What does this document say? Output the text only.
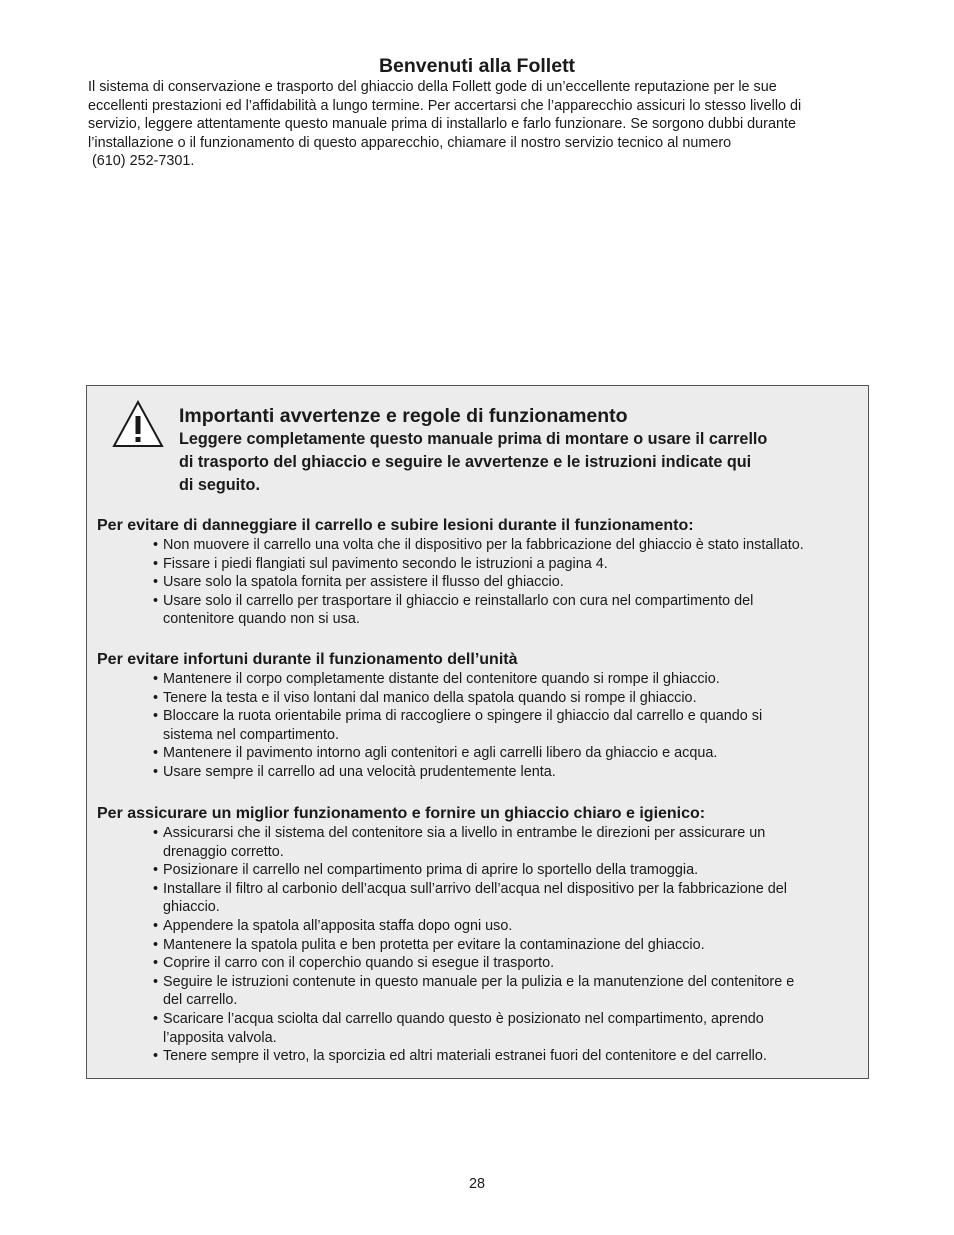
Benvenuti alla Follett
Il sistema di conservazione e trasporto del ghiaccio della Follett gode di un’eccellente reputazione per le sue
eccellenti prestazioni ed l’affidabilità a lungo termine. Per accertarsi che l’apparecchio assicuri lo stesso livello di
servizio, leggere attentamente questo manuale prima di installarlo e farlo funzionare. Se sorgono dubbi durante
l’installazione o il funzionamento di questo apparecchio, chiamare il nostro servizio tecnico al numero
(610) 252-7301.
Importanti avvertenze e regole di funzionamento
Leggere completamente questo manuale prima di montare o usare il carrello
di trasporto del ghiaccio e seguire le avvertenze e le istruzioni indicate qui
di seguito.
Per evitare di danneggiare il carrello e subire lesioni durante il funzionamento:
• Non muovere il carrello una volta che il dispositivo per la fabbricazione del ghiaccio è stato installato.
• Fissare i piedi flangiati sul pavimento secondo le istruzioni a pagina 4.
• Usare solo la spatola fornita per assistere il flusso del ghiaccio.
• Usare solo il carrello per trasportare il ghiaccio e reinstallarlo con cura nel compartimento del
contenitore quando non si usa.
Per evitare infortuni durante il funzionamento dell’unità
• Mantenere il corpo completamente distante del contenitore quando si rompe il ghiaccio.
• Tenere la testa e il viso lontani dal manico della spatola quando si rompe il ghiaccio.
• Bloccare la ruota orientabile prima di raccogliere o spingere il ghiaccio dal carrello e quando si
sistema nel compartimento.
• Mantenere il pavimento intorno agli contenitori e agli carrelli libero da ghiaccio e acqua.
• Usare sempre il carrello ad una velocità prudentemente lenta.
Per assicurare un miglior funzionamento e fornire un ghiaccio chiaro e igienico:
• Assicurarsi che il sistema del contenitore sia a livello in entrambe le direzioni per assicurare un
drenaggio corretto.
• Posizionare il carrello nel compartimento prima di aprire lo sportello della tramoggia.
• Installare il filtro al carbonio dell’acqua sull’arrivo dell’acqua nel dispositivo per la fabbricazione del
ghiaccio.
• Appendere la spatola all’apposita staffa dopo ogni uso.
• Mantenere la spatola pulita e ben protetta per evitare la contaminazione del ghiaccio.
• Coprire il carro con il coperchio quando si esegue il trasporto.
• Seguire le istruzioni contenute in questo manuale per la pulizia e la manutenzione del contenitore e
del carrello.
• Scaricare l’acqua sciolta dal carrello quando questo è posizionato nel compartimento, aprendo
l’apposita valvola.
• Tenere sempre il vetro, la sporcizia ed altri materiali estranei fuori del contenitore e del carrello.
28
